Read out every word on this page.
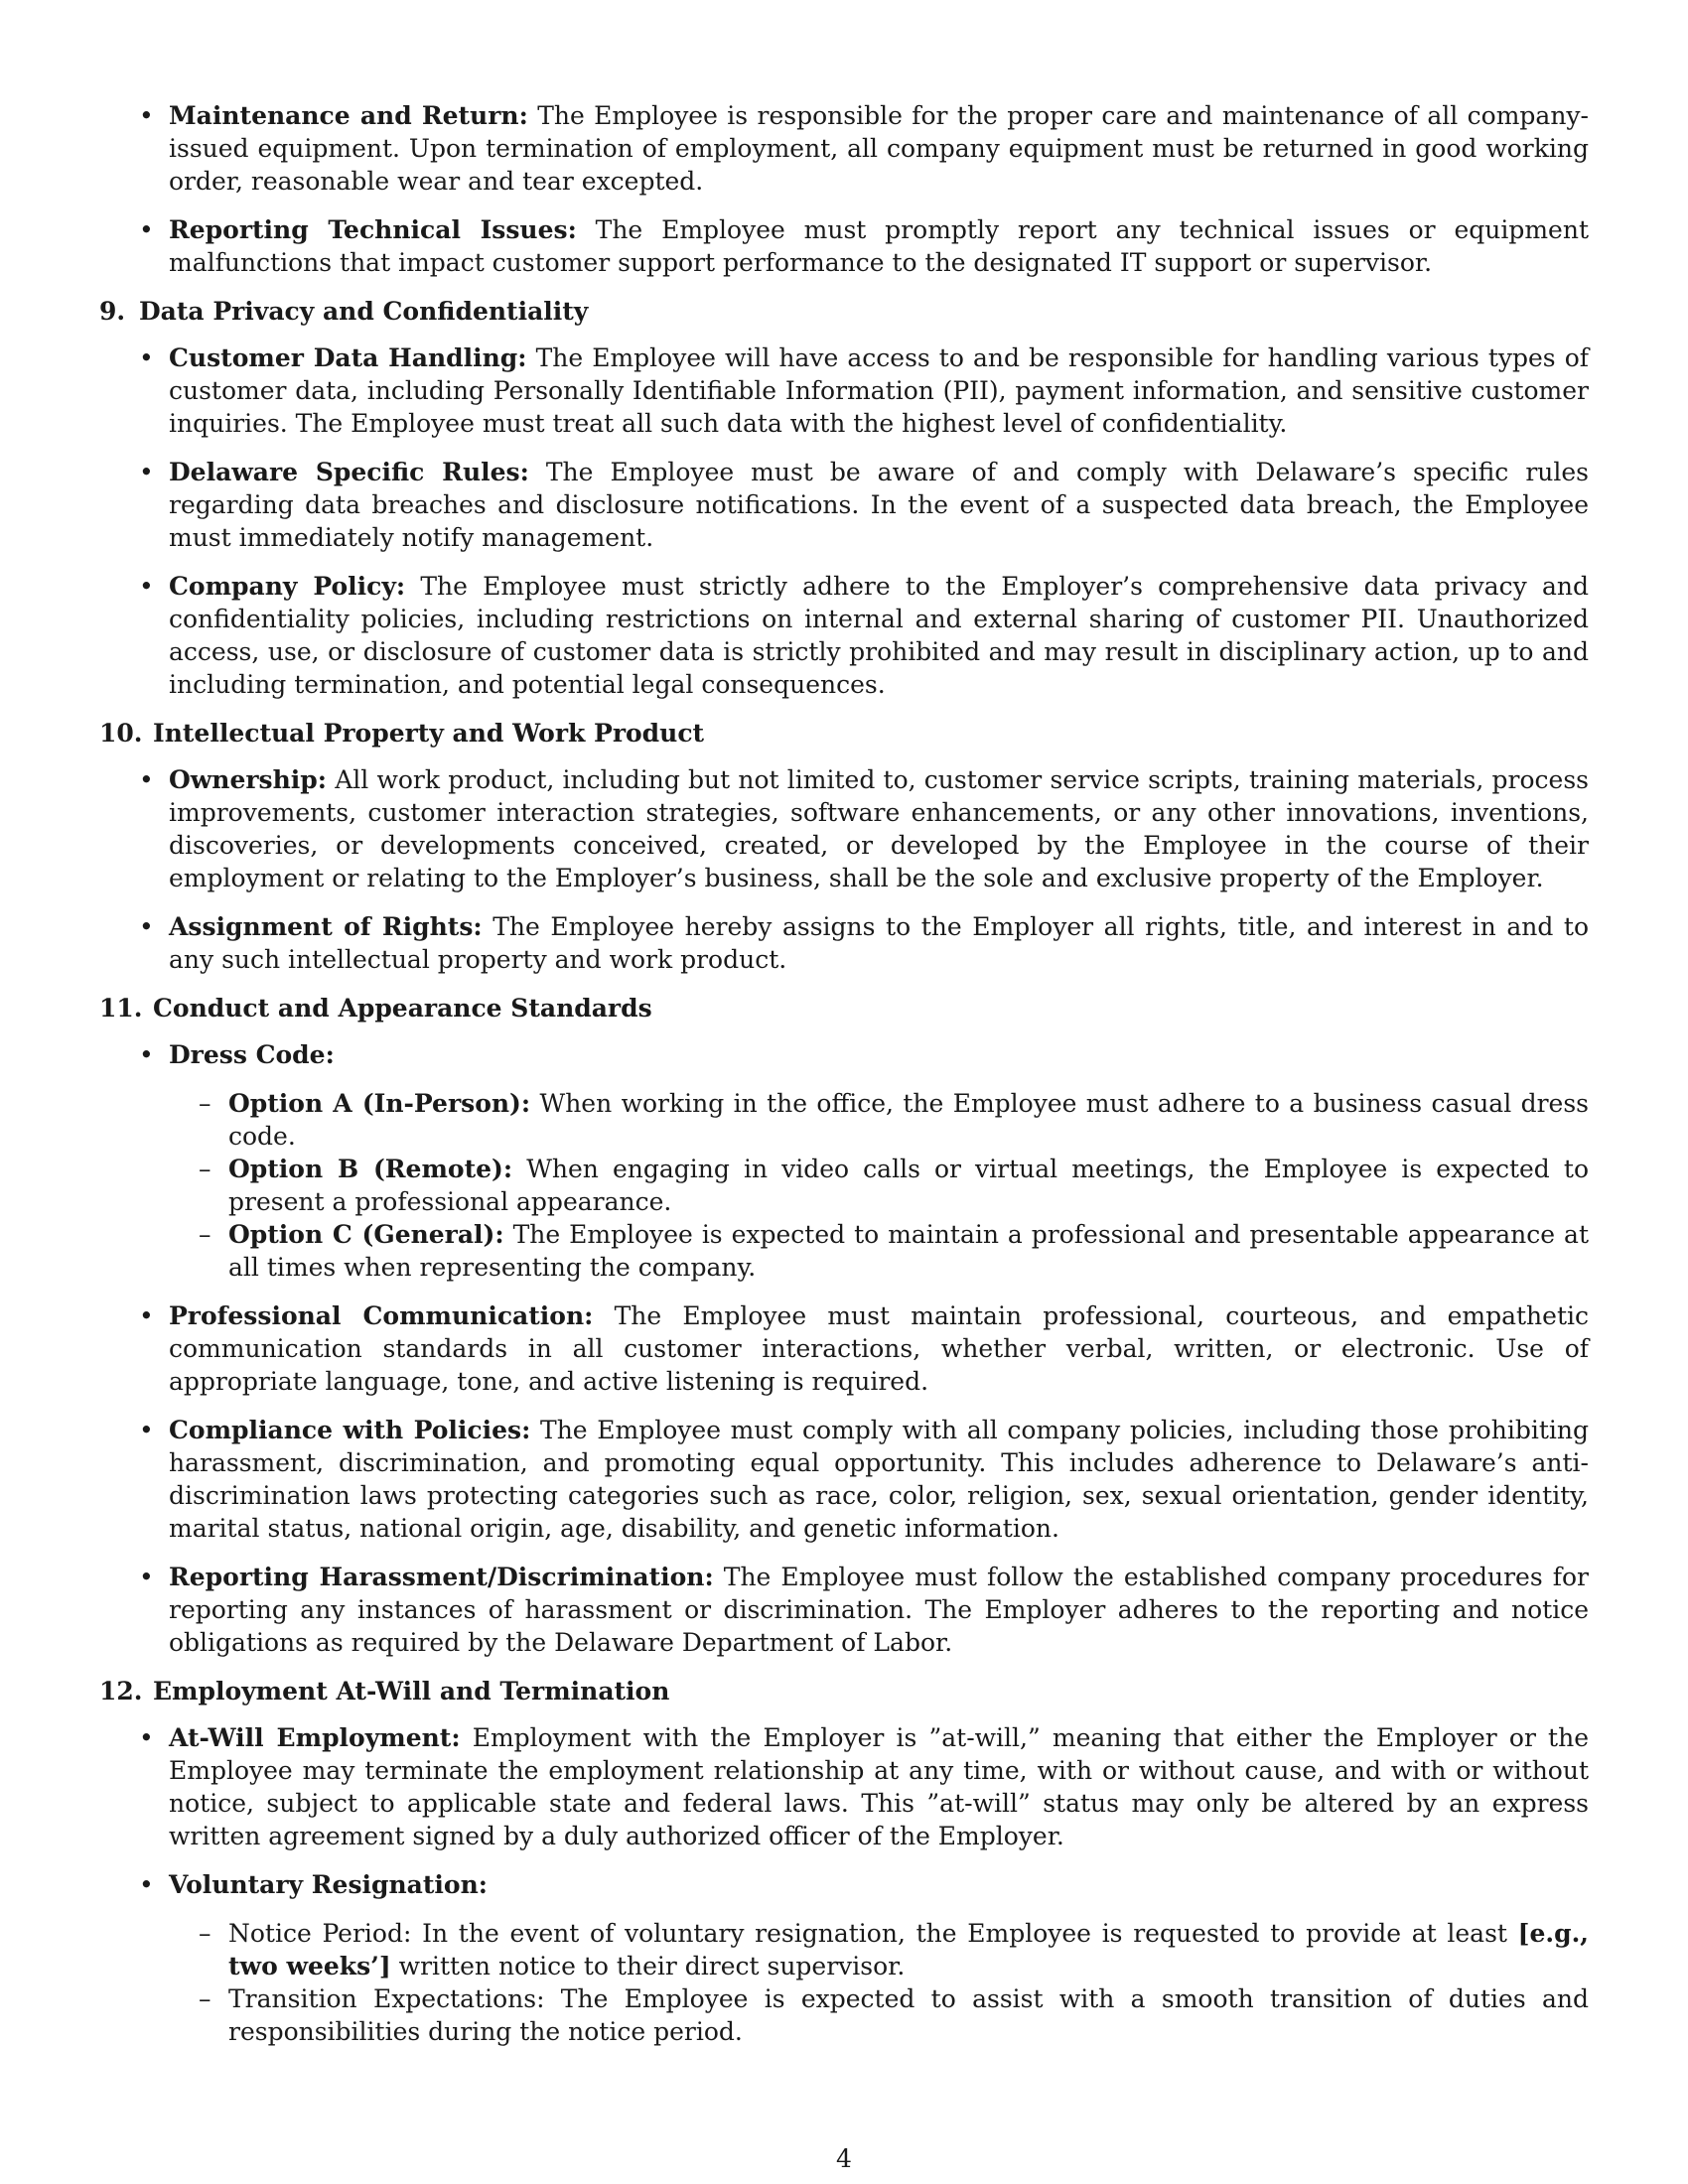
• Maintenance and Return: The Employee is responsible for the proper care and maintenance of all company-issued equipment. Upon termination of employment, all company equipment must be returned in good working order, reasonable wear and tear excepted.
• Reporting Technical Issues: The Employee must promptly report any technical issues or equipment malfunctions that impact customer support performance to the designated IT support or supervisor.
9. Data Privacy and Confidentiality
• Customer Data Handling: The Employee will have access to and be responsible for handling various types of customer data, including Personally Identifiable Information (PII), payment information, and sensitive customer inquiries. The Employee must treat all such data with the highest level of confidentiality.
• Delaware Specific Rules: The Employee must be aware of and comply with Delaware’s specific rules regarding data breaches and disclosure notifications. In the event of a suspected data breach, the Employee must immediately notify management.
• Company Policy: The Employee must strictly adhere to the Employer’s comprehensive data privacy and confidentiality policies, including restrictions on internal and external sharing of customer PII. Unauthorized access, use, or disclosure of customer data is strictly prohibited and may result in disciplinary action, up to and including termination, and potential legal consequences.
10. Intellectual Property and Work Product
• Ownership: All work product, including but not limited to, customer service scripts, training materials, process improvements, customer interaction strategies, software enhancements, or any other innovations, inventions, discoveries, or developments conceived, created, or developed by the Employee in the course of their employment or relating to the Employer’s business, shall be the sole and exclusive property of the Employer.
• Assignment of Rights: The Employee hereby assigns to the Employer all rights, title, and interest in and to any such intellectual property and work product.
11. Conduct and Appearance Standards
• Dress Code:
– Option A (In-Person): When working in the office, the Employee must adhere to a business casual dress code.
– Option B (Remote): When engaging in video calls or virtual meetings, the Employee is expected to present a professional appearance.
– Option C (General): The Employee is expected to maintain a professional and presentable appearance at all times when representing the company.
• Professional Communication: The Employee must maintain professional, courteous, and empathetic communication standards in all customer interactions, whether verbal, written, or electronic. Use of appropriate language, tone, and active listening is required.
• Compliance with Policies: The Employee must comply with all company policies, including those prohibiting harassment, discrimination, and promoting equal opportunity. This includes adherence to Delaware’s anti-discrimination laws protecting categories such as race, color, religion, sex, sexual orientation, gender identity, marital status, national origin, age, disability, and genetic information.
• Reporting Harassment/Discrimination: The Employee must follow the established company procedures for reporting any instances of harassment or discrimination. The Employer adheres to the reporting and notice obligations as required by the Delaware Department of Labor.
12. Employment At-Will and Termination
• At-Will Employment: Employment with the Employer is ”at-will,” meaning that either the Employer or the Employee may terminate the employment relationship at any time, with or without cause, and with or without notice, subject to applicable state and federal laws. This ”at-will” status may only be altered by an express written agreement signed by a duly authorized officer of the Employer.
• Voluntary Resignation:
– Notice Period: In the event of voluntary resignation, the Employee is requested to provide at least [e.g., two weeks’] written notice to their direct supervisor.
– Transition Expectations: The Employee is expected to assist with a smooth transition of duties and responsibilities during the notice period.
4
